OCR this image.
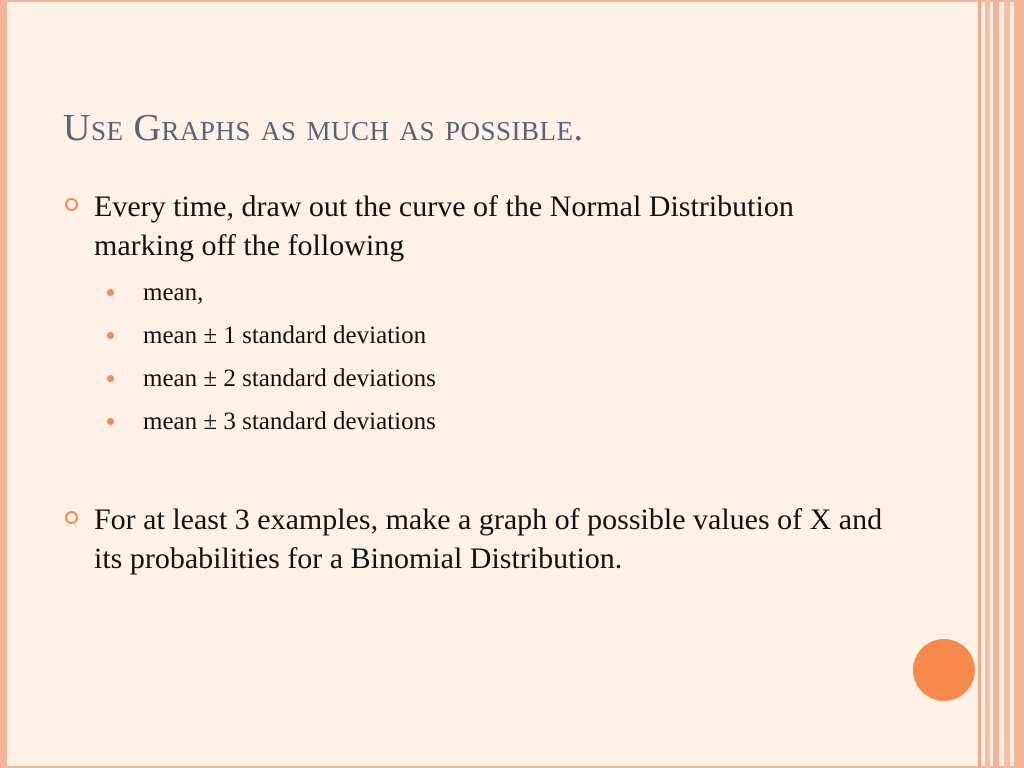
Use Graphs as much as possible.
Every time, draw out the curve of the Normal Distribution marking off the following
mean,
mean ± 1 standard deviation
mean ± 2 standard deviations
mean ± 3 standard deviations
For at least 3 examples, make a graph of possible values of X and its probabilities for a Binomial Distribution.
